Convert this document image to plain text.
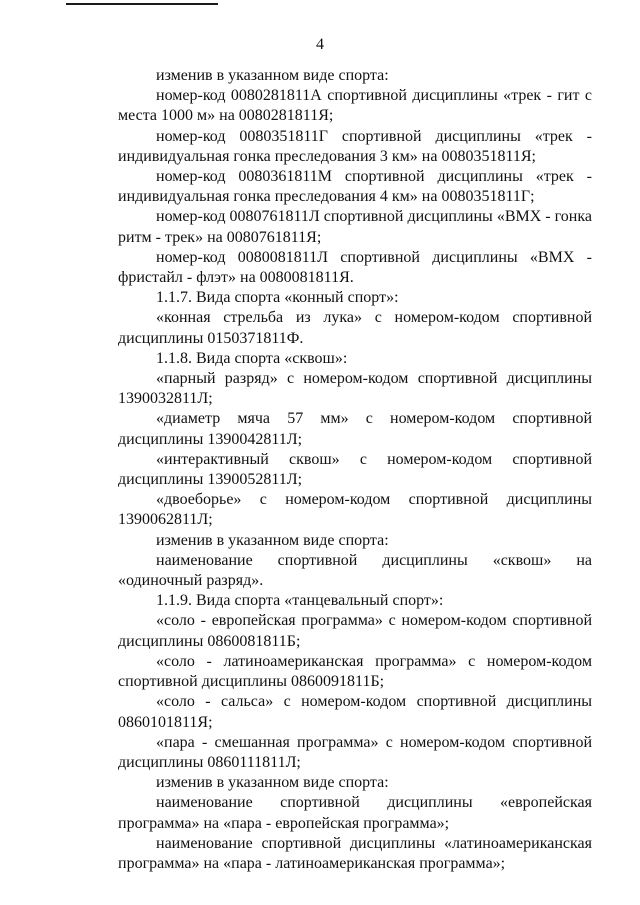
4

изменив в указанном виде спорта:

номер-код 0080281811А спортивной дисциплины «трек - гит с места 1000 м» на 0080281811Я;

номер-код 0080351811Г спортивной дисциплины «трек - индивидуальная гонка преследования 3 км» на 0080351811Я;

номер-код 0080361811М спортивной дисциплины «трек - индивидуальная гонка преследования 4 км» на 0080351811Г;

номер-код 0080761811Л спортивной дисциплины «ВМХ - гонка ритм - трек» на 0080761811Я;

номер-код 0080081811Л спортивной дисциплины «ВМХ - фристайл - флэт» на 0080081811Я.

1.1.7. Вида спорта «конный спорт»:

«конная стрельба из лука» с номером-кодом спортивной дисциплины 0150371811Ф.

1.1.8. Вида спорта «сквош»:

«парный разряд» с номером-кодом спортивной дисциплины 1390032811Л;

«диаметр мяча 57 мм» с номером-кодом спортивной дисциплины 1390042811Л;

«интерактивный сквош» с номером-кодом спортивной дисциплины 1390052811Л;

«двоеборье» с номером-кодом спортивной дисциплины 1390062811Л;

изменив в указанном виде спорта:

наименование спортивной дисциплины «сквош» на «одиночный разряд».

1.1.9. Вида спорта «танцевальный спорт»:

«соло - европейская программа» с номером-кодом спортивной дисциплины 0860081811Б;

«соло - латиноамериканская программа» с номером-кодом спортивной дисциплины 0860091811Б;

«соло - сальса» с номером-кодом спортивной дисциплины 0860101811Я;

«пара - смешанная программа» с номером-кодом спортивной дисциплины 0860111811Л;

изменив в указанном виде спорта:

наименование спортивной дисциплины «европейская программа» на «пара - европейская программа»;

наименование спортивной дисциплины «латиноамериканская программа» на «пара - латиноамериканская программа»;
